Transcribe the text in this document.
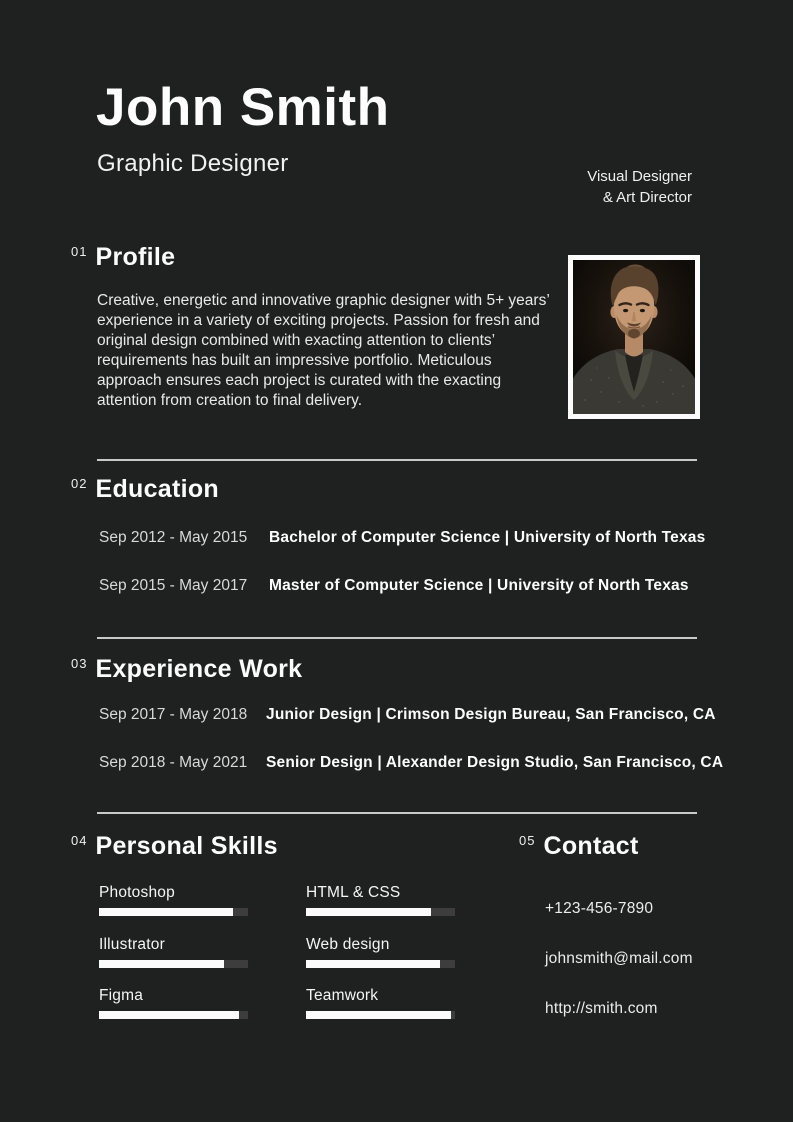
John Smith
Graphic Designer	Visual Designer
& Art Director
$^{01}$ Profile
Creative, energetic and innovative graphic designer with 5+ years’ experience in a variety of exciting projects. Passion for fresh and original design combined with exacting attention to clients’ requirements has built an impressive portfolio. Meticulous approach ensures each project is curated with the exacting attention from creation to final delivery.
$^{02}$ Education
Sep 2012 - May 2015 Bachelor of Computer Science | University of North Texas
Sep 2015 - May 2017 Master of Computer Science | University of North Texas
$^{03}$ Experience Work
Sep 2017 - May 2018 Junior Design | Crimson Design Bureau, San Francisco, CA
Sep 2018 - May 2021 Senior Design | Alexander Design Studio, San Francisco, CA
$^{04}$ Personal Skills
Photoshop
Illustrator
Figma
HTML & CSS
Web design
Teamwork
$^{05}$ Contact
+123-456-7890
johnsmith@mail.com
http://smith.com
